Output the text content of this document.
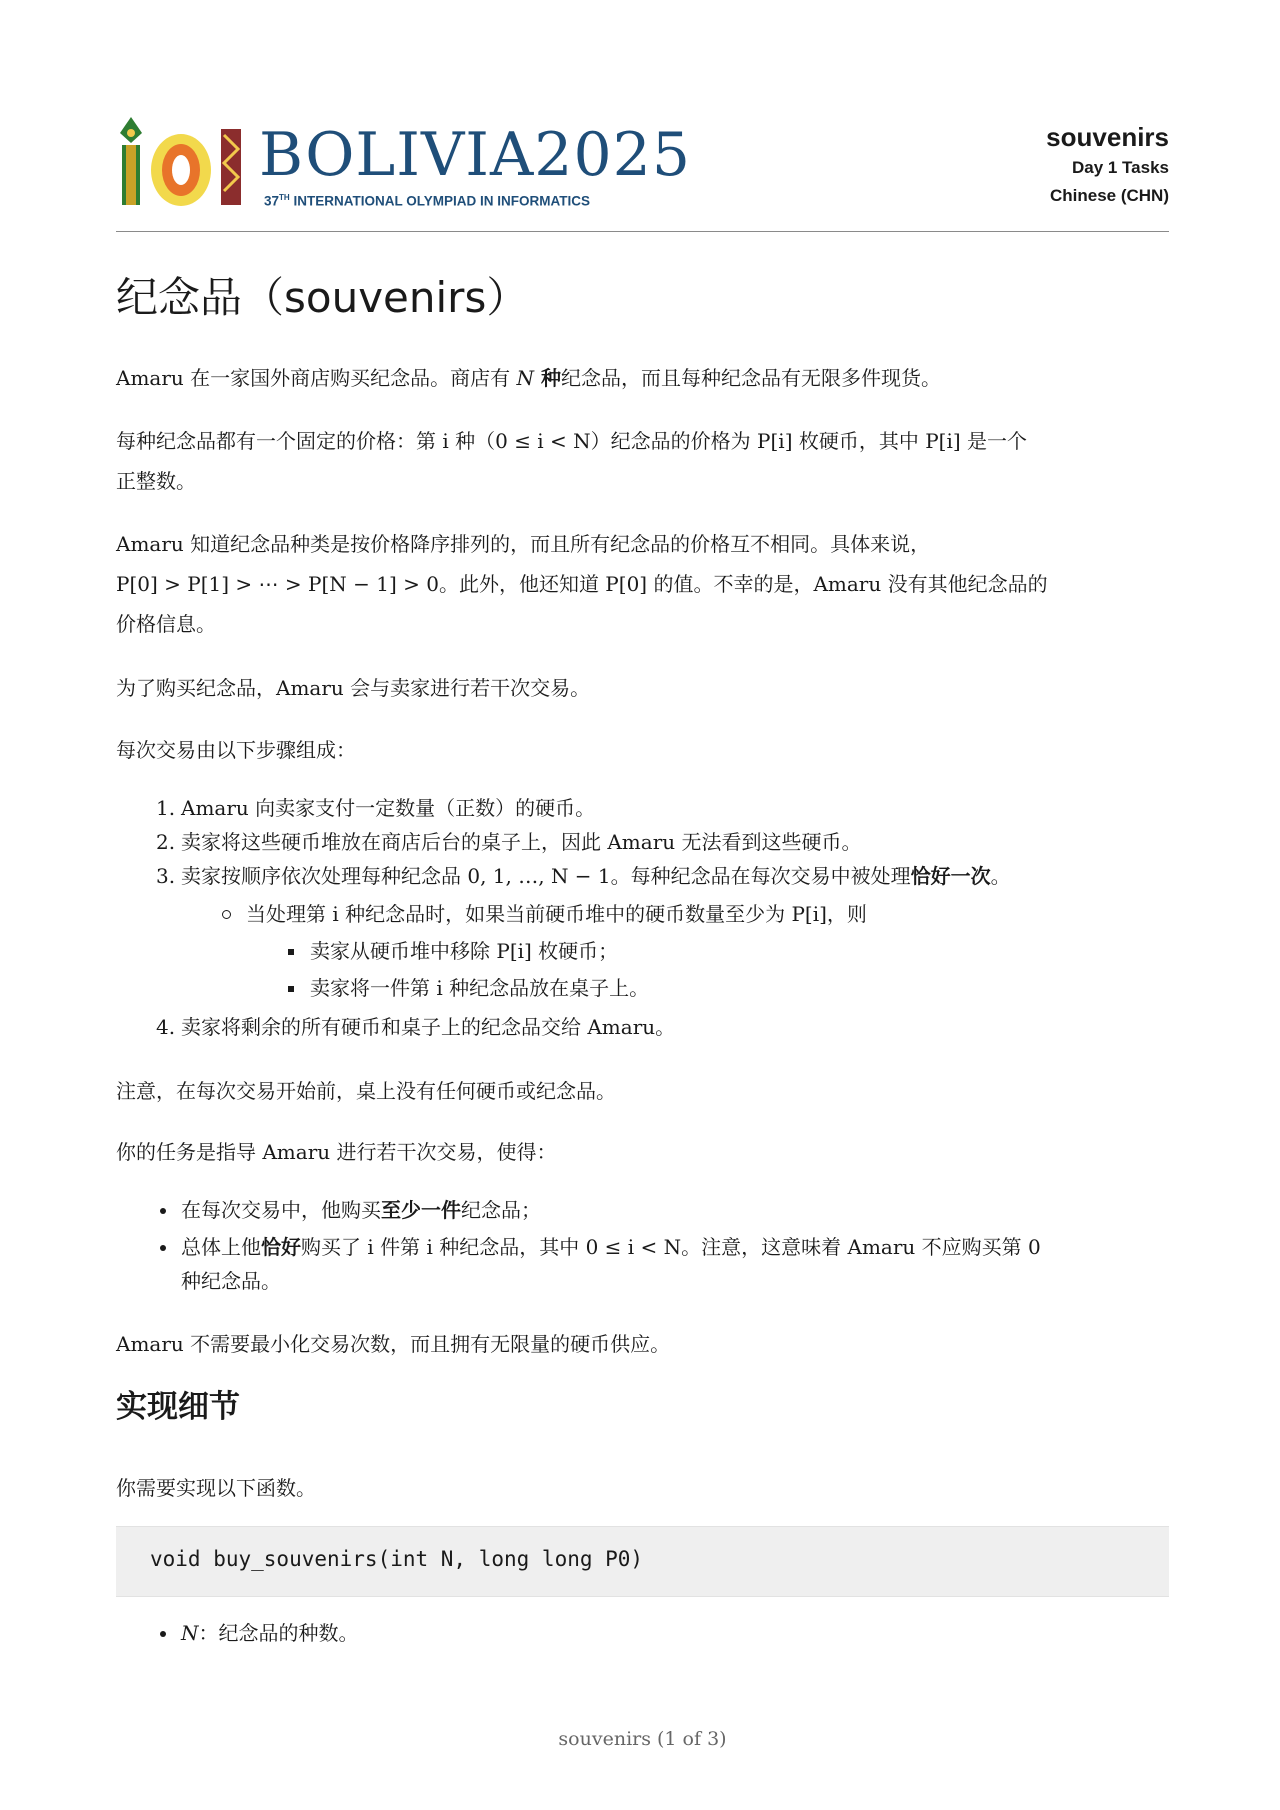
BOLIVIA2025
37TH INTERNATIONAL OLYMPIAD IN INFORMATICS
souvenirs
Day 1 Tasks
Chinese (CHN)
纪念品（souvenirs）

Amaru 在一家国外商店购买纪念品。商店有 N 种纪念品，而且每种纪念品有无限多件现货。

每种纪念品都有一个固定的价格：第 i 种（0 ≤ i < N）纪念品的价格为 P[i] 枚硬币，其中 P[i] 是一个
正整数。

Amaru 知道纪念品种类是按价格降序排列的，而且所有纪念品的价格互不相同。具体来说，
P[0] > P[1] > ⋯ > P[N − 1] > 0。此外，他还知道 P[0] 的值。不幸的是，Amaru 没有其他纪念品的
价格信息。

为了购买纪念品，Amaru 会与卖家进行若干次交易。

每次交易由以下步骤组成：

1. Amaru 向卖家支付一定数量（正数）的硬币。
2. 卖家将这些硬币堆放在商店后台的桌子上，因此 Amaru 无法看到这些硬币。
3. 卖家按顺序依次处理每种纪念品 0, 1, …, N − 1。每种纪念品在每次交易中被处理恰好一次。
当处理第 i 种纪念品时，如果当前硬币堆中的硬币数量至少为 P[i]，则
卖家从硬币堆中移除 P[i] 枚硬币；
卖家将一件第 i 种纪念品放在桌子上。
4. 卖家将剩余的所有硬币和桌子上的纪念品交给 Amaru。

注意，在每次交易开始前，桌上没有任何硬币或纪念品。

你的任务是指导 Amaru 进行若干次交易，使得：

在每次交易中，他购买至少一件纪念品；
总体上他恰好购买了 i 件第 i 种纪念品，其中 0 ≤ i < N。注意，这意味着 Amaru 不应购买第 0
种纪念品。

Amaru 不需要最小化交易次数，而且拥有无限量的硬币供应。

实现细节

你需要实现以下函数。

void buy_souvenirs(int N, long long P0)
N：纪念品的种数。
souvenirs (1 of 3)
